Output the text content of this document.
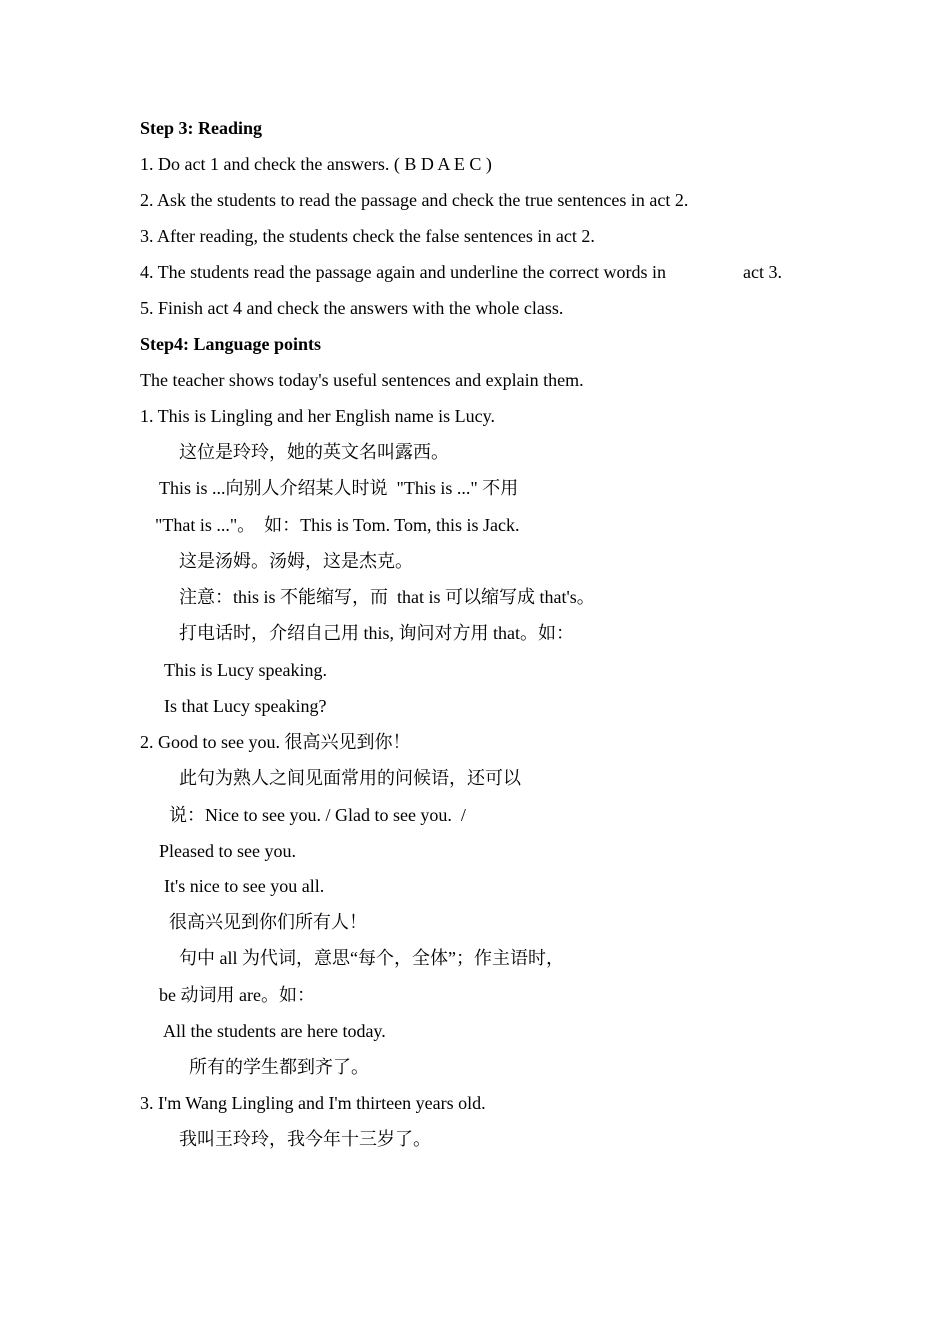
Step 3: Reading

1. Do act 1 and check the answers. ( B D A E C )

2. Ask the students to read the passage and check the true sentences in act 2.

3. After reading, the students check the false sentences in act 2.

4. The students read the passage again and underline the correct words in	act 3.

5. Finish act 4 and check the answers with the whole class.

Step4: Language points

The teacher shows today's useful sentences and explain them.

1. This is Lingling and her English name is Lucy.

这位是玲玲，她的英文名叫露西。

This is ...向别人介绍某人时说  "This is ..." 不用

"That is ..."。  如：This is Tom. Tom, this is Jack.

这是汤姆。汤姆，这是杰克。

注意：this is 不能缩写，而  that is 可以缩写成 that's。

打电话时，介绍自己用 this, 询问对方用 that。如：

This is Lucy speaking.

Is that Lucy speaking?

2. Good to see you. 很高兴见到你！

此句为熟人之间见面常用的问候语，还可以

说：Nice to see you. / Glad to see you.  /

Pleased to see you.

It's nice to see you all.

很高兴见到你们所有人！

句中 all 为代词，意思“每个，全体”；作主语时，

be 动词用 are。如：

All the students are here today.

所有的学生都到齐了。

3. I'm Wang Lingling and I'm thirteen years old.

我叫王玲玲，我今年十三岁了。
